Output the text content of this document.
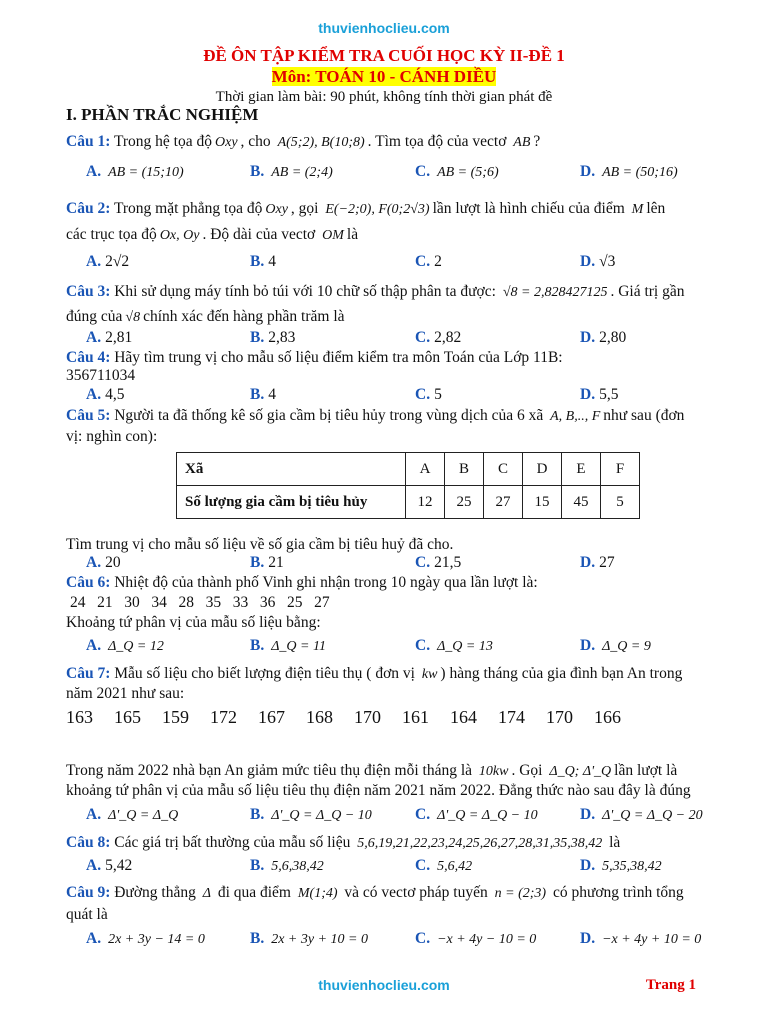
thuvienhoclieu.com
ĐỀ ÔN TẬP KIỂM TRA CUỐI HỌC KỲ II-ĐỀ 1
Môn: TOÁN 10 - CÁNH DIỀU
Thời gian làm bài: 90 phút, không tính thời gian phát đề
I. PHẦN TRẮC NGHIỆM
Câu 1: Trong hệ tọa độ Oxy , cho A(5;2), B(10;8) . Tìm tọa độ của vectơ AB ?
A. AB = (15;10)	B. AB = (2;4)	C. AB = (5;6)	D. AB = (50;16)
Câu 2: Trong mặt phẳng tọa độ Oxy , gọi E(−2;0), F(0;2√3) lần lượt là hình chiếu của điểm M lên
các trục tọa độ Ox, Oy . Độ dài của vectơ OM là
A. 2√2	B. 4	C. 2	D. √3
Câu 3: Khi sử dụng máy tính bỏ túi với 10 chữ số thập phân ta được: √8 = 2,828427125 . Giá trị gần
đúng của √8 chính xác đến hàng phần trăm là
A. 2,81	B. 2,83	C. 2,82	D. 2,80
Câu 4: Hãy tìm trung vị cho mẫu số liệu điểm kiểm tra môn Toán của Lớp 11B:
356711034
A. 4,5	B. 4	C. 5	D. 5,5
Câu 5: Người ta đã thống kê số gia cầm bị tiêu hủy trong vùng dịch của 6 xã A, B,.., F như sau (đơn
vị: nghìn con):
Xã	A	B	C	D	E	F
Số lượng gia cầm bị tiêu hủy	12	25	27	15	45	5
Tìm trung vị cho mẫu số liệu về số gia cầm bị tiêu huỷ đã cho.
A. 20	B. 21	C. 21,5	D. 27
Câu 6: Nhiệt độ của thành phố Vinh ghi nhận trong 10 ngày qua lần lượt là:
24   21   30   34   28   35   33   36   25   27
Khoảng tứ phân vị của mẫu số liệu bằng:
A. Δ_Q = 12	B. Δ_Q = 11	C. Δ_Q = 13	D. Δ_Q = 9
Câu 7: Mẫu số liệu cho biết lượng điện tiêu thụ ( đơn vị kw ) hàng tháng của gia đình bạn An trong
năm 2021 như sau:
163  165  159  172  167  168  170  161  164  174  170  166
Trong năm 2022 nhà bạn An giảm mức tiêu thụ điện mỗi tháng là 10kw . Gọi Δ_Q; Δ'_Q lần lượt là
khoảng tứ phân vị của mẫu số liệu tiêu thụ điện năm 2021 năm 2022. Đẳng thức nào sau đây là đúng
A. Δ'_Q = Δ_Q	B. Δ'_Q = Δ_Q − 10	C. Δ'_Q = Δ_Q − 10	D. Δ'_Q = Δ_Q − 20
Câu 8: Các giá trị bất thường của mẫu số liệu 5,6,19,21,22,23,24,25,26,27,28,31,35,38,42 là
A. 5,42	B. 5,6,38,42	C. 5,6,42	D. 5,35,38,42
Câu 9: Đường thẳng Δ đi qua điểm M(1;4) và có vectơ pháp tuyến n = (2;3) có phương trình tổng
quát là
A. 2x + 3y − 14 = 0	B. 2x + 3y + 10 = 0	C. −x + 4y − 10 = 0	D. −x + 4y + 10 = 0
thuvienhoclieu.com	Trang 1
